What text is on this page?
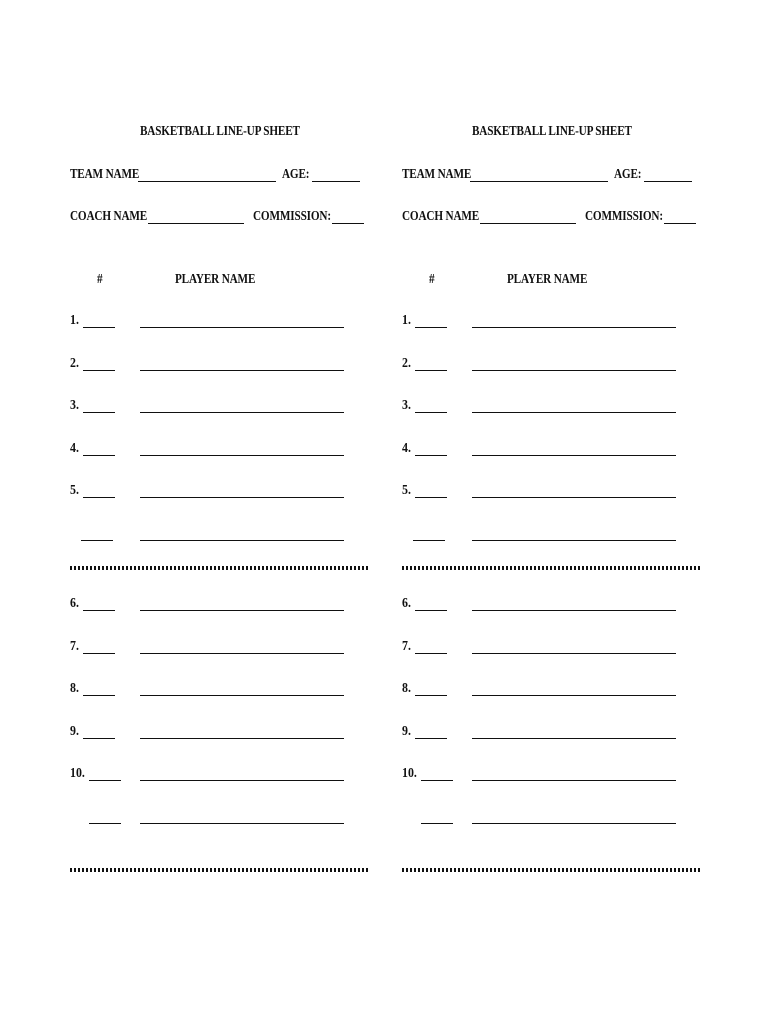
BASKETBALL LINE-UP SHEET
TEAM NAME	AGE:
COACH NAME	COMMISSION:
#	PLAYER NAME
1.
2.
3.
4.
5.
6.
7.
8.
9.
10.
BASKETBALL LINE-UP SHEET
TEAM NAME	AGE:
COACH NAME	COMMISSION:
#	PLAYER NAME
1.
2.
3.
4.
5.
6.
7.
8.
9.
10.
